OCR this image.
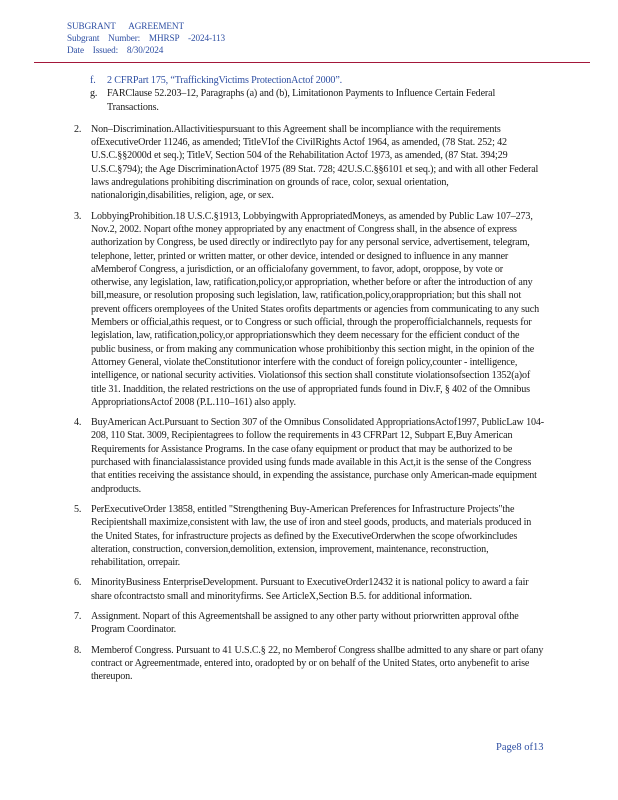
SUBGRANT      AGREEMENT
Subgrant    Number:    MHRSP    -2024-113
Date    Issued:    8/30/2024
f. 2 CFRPart 175, “TraffickingVictims ProtectionActof 2000”.
g. FARClause 52.203–12, Paragraphs (a) and (b), Limitationon Payments to Influence Certain Federal Transactions.
2. Non–Discrimination.Allactivitiespursuant to this Agreement shall be incompliance with the requirements ofExecutiveOrder 11246, as amended; TitleVIof the CivilRights Actof 1964, as amended, (78 Stat. 252; 42 U.S.C.§§2000d et seq.); TitleV, Section 504 of the Rehabilitation Actof 1973, as amended, (87 Stat. 394;29 U.S.C.§794); the Age DiscriminationActof 1975 (89 Stat. 728; 42U.S.C.§§6101 et seq.); and with all other Federal laws andregulations prohibiting discrimination on grounds of race, color, sexual orientation, nationalorigin,disabilities, religion, age, or sex.
3. LobbyingProhibition.18 U.S.C.§1913, Lobbyingwith AppropriatedMoneys, as amended by Public Law 107–273, Nov.2, 2002. Nopart ofthe money appropriated by any enactment of Congress shall, in the absence of express authorization by Congress, be used directly or indirectlyto pay for any personal service, advertisement, telegram, telephone, letter, printed or written matter, or other device, intended or designed to influence in any manner aMemberof Congress, a jurisdiction, or an officialofany government, to favor, adopt, oroppose, by vote or otherwise, any legislation, law, ratification,policy,or appropriation, whether before or after the introduction of any bill,measure, or resolution proposing such legislation, law, ratification,policy,orappropriation; but this shall not prevent officers oremployees of the United States orofits departments or agencies from communicating to any such Members or official,athis request, or to Congress or such official, through the properofficialchannels, requests for legislation, law, ratification,policy,or appropriationswhich they deem necessary for the efficient conduct of the public business, or from making any communication whose prohibitionby this section might, in the opinion of the Attorney General, violate theConstitutionor interfere with the conduct of foreign policy,counter - intelligence, intelligence, or national security activities. Violationsof this section shall constitute violationsofsection 1352(a)of title 31. Inaddition, the related restrictions on the use of appropriated funds found in Div.F, § 402 of the Omnibus AppropriationsActof 2008 (P.L.110–161) also apply.
4. BuyAmerican Act.Pursuant to Section 307 of the Omnibus Consolidated AppropriationsActof1997, PublicLaw 104-208, 110 Stat. 3009, Recipientagrees to follow the requirements in 43 CFRPart 12, Subpart E,Buy American Requirements for Assistance Programs. In the case ofany equipment or product that may be authorized to be purchased with financialassistance provided using funds made available in this Act,it is the sense of the Congress that entities receiving the assistance should, in expending the assistance, purchase only American-made equipment andproducts.
5. PerExecutiveOrder 13858, entitled "Strengthening Buy-American Preferences for Infrastructure Projects"the Recipientshall maximize,consistent with law, the use of iron and steel goods, products, and materials produced in the United States, for infrastructure projects as defined by the ExecutiveOrderwhen the scope ofworkincludes alteration, construction, conversion,demolition, extension, improvement, maintenance, reconstruction, rehabilitation, orrepair.
6. MinorityBusiness EnterpriseDevelopment. Pursuant to ExecutiveOrder12432 it is national policy to award a fair share ofcontractsto small and minorityfirms. See ArticleX,Section B.5. for additional information.
7. Assignment. Nopart of this Agreementshall be assigned to any other party without priorwritten approval ofthe Program Coordinator.
8. Memberof Congress. Pursuant to 41 U.S.C.§ 22, no Memberof Congress shallbe admitted to any share or part ofany contract or Agreementmade, entered into, oradopted by or on behalf of the United States, orto anybenefit to arise thereupon.
Page8 of13
